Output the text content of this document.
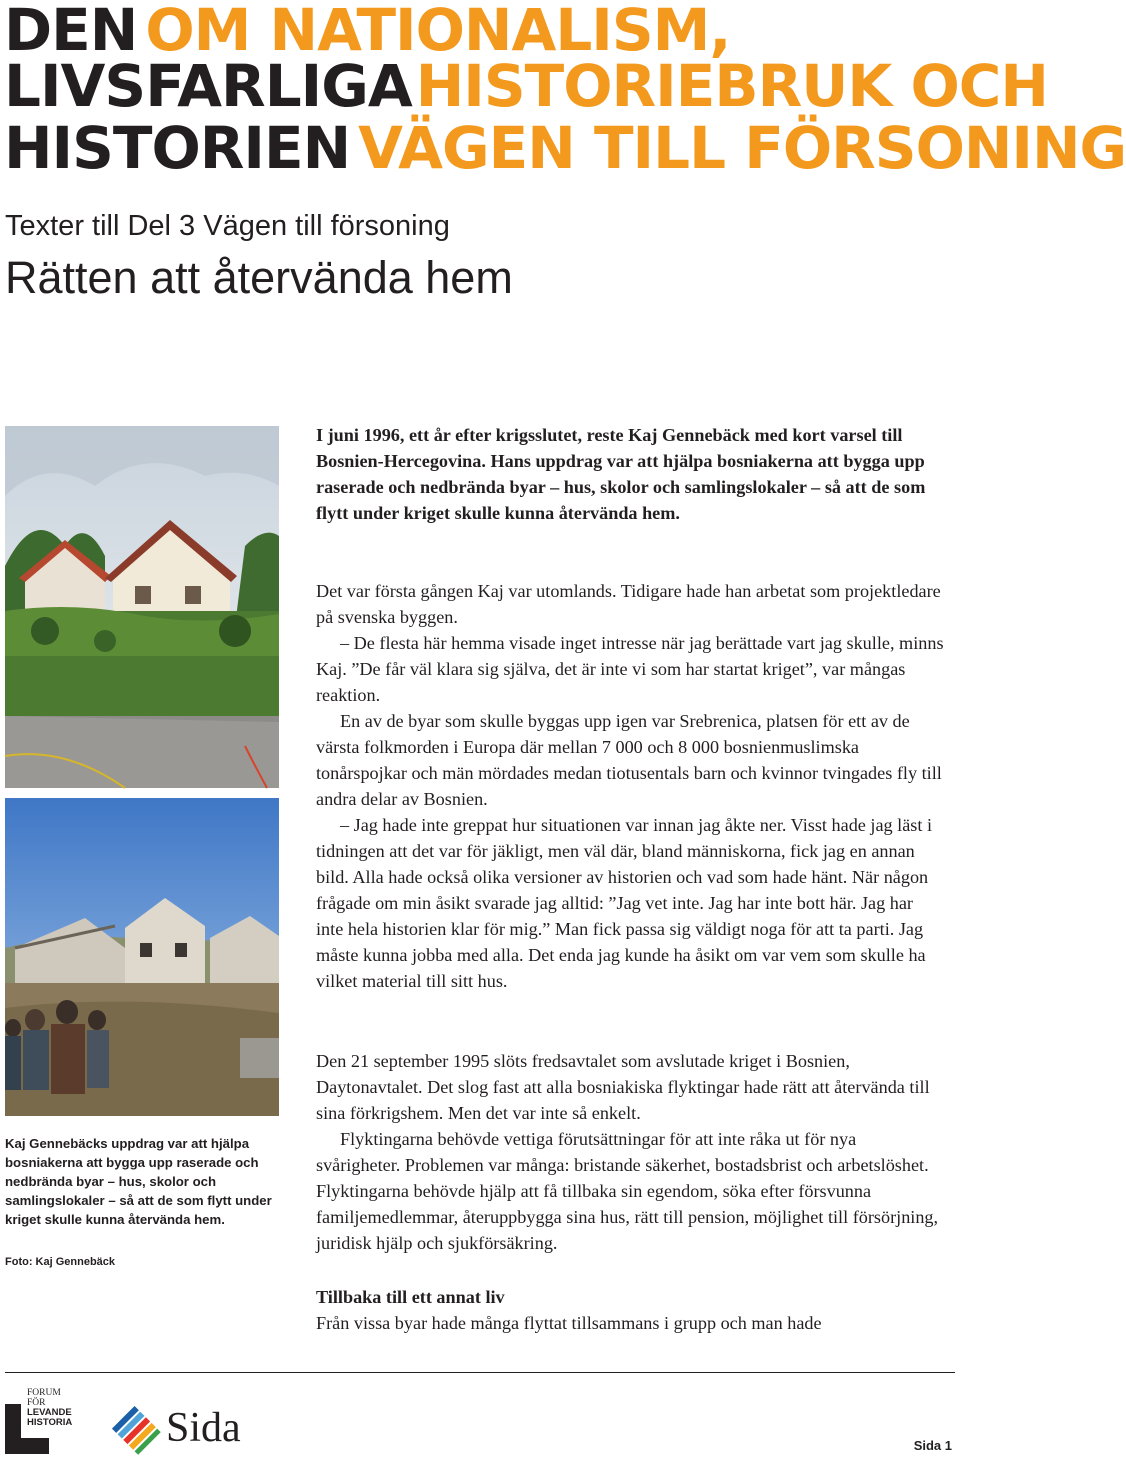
DEN OM NATIONALISM,
LIVSFARLIGAHISTORIEBRUK OCH
HISTORIEN VÄGEN TILL FÖRSONING
Texter till Del 3 Vägen till försoning
Rätten att återvända hem
Kaj Gennebäcks uppdrag var att hjälpa bosniakerna att bygga upp raserade och nedbrända byar – hus, skolor och samlingslokaler – så att de som flytt under kriget skulle kunna återvända hem.
Foto: Kaj Gennebäck

I juni 1996, ett år efter krigsslutet, reste Kaj Gennebäck med kort varsel till Bosnien-Hercegovina. Hans uppdrag var att hjälpa bosniakerna att bygga upp raserade och nedbrända byar – hus, skolor och samlingslokaler – så att de som flytt under kriget skulle kunna återvända hem.

Det var första gången Kaj var utomlands. Tidigare hade han arbetat som projektledare på svenska byggen.

– De flesta här hemma visade inget intresse när jag berättade vart jag skulle, minns Kaj. ”De får väl klara sig själva, det är inte vi som har startat kriget”, var mångas reaktion.

En av de byar som skulle byggas upp igen var Srebrenica, platsen för ett av de värsta folkmorden i Europa där mellan 7 000 och 8 000 bosnienmuslimska tonårspojkar och män mördades medan tiotusentals barn och kvinnor tvingades fly till andra delar av Bosnien.

– Jag hade inte greppat hur situationen var innan jag åkte ner. Visst hade jag läst i tidningen att det var för jäkligt, men väl där, bland människorna, fick jag en annan bild. Alla hade också olika versioner av historien och vad som hade hänt. När någon frågade om min åsikt svarade jag alltid: ”Jag vet inte. Jag har inte bott här. Jag har inte hela historien klar för mig.” Man fick passa sig väldigt noga för att ta parti. Jag måste kunna jobba med alla. Det enda jag kunde ha åsikt om var vem som skulle ha vilket material till sitt hus.

Den 21 september 1995 slöts fredsavtalet som avslutade kriget i Bosnien, Daytonavtalet. Det slog fast att alla bosniakiska flyktingar hade rätt att återvända till sina förkrigshem. Men det var inte så enkelt.

Flyktingarna behövde vettiga förutsättningar för att inte råka ut för nya svårigheter. Problemen var många: bristande säkerhet, bostadsbrist och arbetslöshet. Flyktingarna behövde hjälp att få tillbaka sin egendom, söka efter försvunna familjemedlemmar, återuppbygga sina hus, rätt till pension, möjlighet till försörjning, juridisk hjälp och sjukförsäkring.

Tillbaka till ett annat liv

Från vissa byar hade många flyttat tillsammans i grupp och man hade

FORUM
FÖR
LEVANDE
HISTORIA Sida	Sida 1
